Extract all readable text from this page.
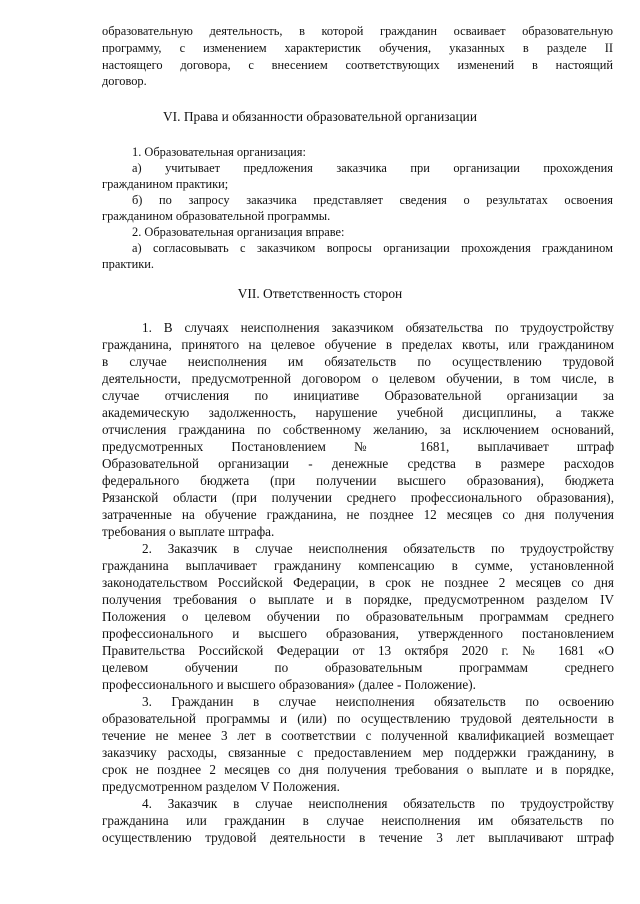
образовательную деятельность, в которой гражданин осваивает образовательную

программу, с изменением характеристик обучения, указанных в разделе II

настоящего договора, с внесением соответствующих изменений в настоящий

договор.

VI. Права и обязанности образовательной организации

1. Образовательная организация:

а) учитывает предложения заказчика при организации прохождения

гражданином практики;

б) по запросу заказчика представляет сведения о результатах освоения

гражданином образовательной программы.

2. Образовательная организация вправе:

а) согласовывать с заказчиком вопросы организации прохождения гражданином

практики.

VII. Ответственность сторон

1. В случаях неисполнения заказчиком обязательства по трудоустройству

гражданина, принятого на целевое обучение в пределах квоты, или гражданином

в случае неисполнения им обязательств по осуществлению трудовой

деятельности, предусмотренной договором о целевом обучении, в том числе, в

случае отчисления по инициативе Образовательной организации за

академическую задолженность, нарушение учебной дисциплины, а также

отчисления гражданина по собственному желанию, за исключением оснований,

предусмотренных Постановлением № 1681, выплачивает штраф

Образовательной организации - денежные средства в размере расходов

федерального бюджета (при получении высшего образования), бюджета

Рязанской области (при получении среднего профессионального образования),

затраченные на обучение гражданина, не позднее 12 месяцев со дня получения

требования о выплате штрафа.

2. Заказчик в случае неисполнения обязательств по трудоустройству

гражданина выплачивает гражданину компенсацию в сумме, установленной

законодательством Российской Федерации, в срок не позднее 2 месяцев со дня

получения требования о выплате и в порядке, предусмотренном разделом IV

Положения о целевом обучении по образовательным программам среднего

профессионального и высшего образования, утвержденного постановлением

Правительства Российской Федерации от 13 октября 2020 г. № 1681 «О

целевом обучении по образовательным программам среднего

профессионального и высшего образования» (далее - Положение).

3. Гражданин в случае неисполнения обязательств по освоению

образовательной программы и (или) по осуществлению трудовой деятельности в

течение не менее 3 лет в соответствии с полученной квалификацией возмещает

заказчику расходы, связанные с предоставлением мер поддержки гражданину, в

срок не позднее 2 месяцев со дня получения требования о выплате и в порядке,

предусмотренном разделом V Положения.

4. Заказчик в случае неисполнения обязательств по трудоустройству

гражданина или гражданин в случае неисполнения им обязательств по

осуществлению трудовой деятельности в течение 3 лет выплачивают штраф
